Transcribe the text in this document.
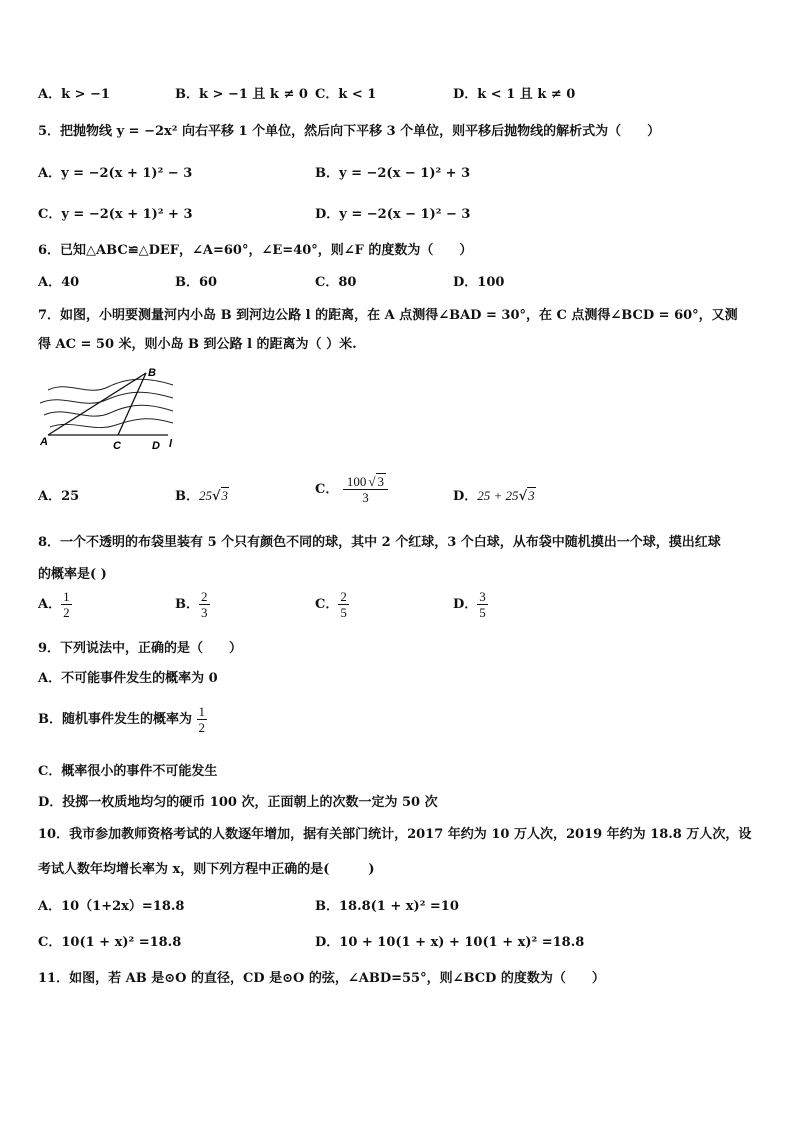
A．k > −1	B．k > −1 且 k ≠ 0 C．k < 1	D．k < 1 且 k ≠ 0
5．把抛物线 y = −2x² 向右平移 1 个单位，然后向下平移 3 个单位，则平移后抛物线的解析式为（　　）
A．y = −2(x + 1)² − 3	B．y = −2(x − 1)² + 3
C．y = −2(x + 1)² + 3	D．y = −2(x − 1)² − 3
6．已知△ABC≌△DEF，∠A=60°，∠E=40°，则∠F 的度数为（　　）
A．40	B．60	C．80	D．100
7．如图，小明要测量河内小岛 B 到河边公路 l 的距离，在 A 点测得∠BAD = 30°，在 C 点测得∠BCD = 60°，又测
得 AC = 50 米，则小岛 B 到公路 l 的距离为（ ）米.
A
B
C	D l
A．25	B．25√3	C． $\frac{100 √ 3}{3}$	D．25 + 25√3
8．一个不透明的布袋里装有 5 个只有颜色不同的球，其中 2 个红球，3 个白球，从布袋中随机摸出一个球，摸出红球
的概率是( )
A． $\frac{1}{2}$	B． $\frac{2}{3}$	C． $\frac{2}{5}$	D． $\frac{3}{5}$
9．下列说法中，正确的是（　　）
A．不可能事件发生的概率为 0
B．随机事件发生的概率为 $\frac{1}{2}$
C．概率很小的事件不可能发生
D．投掷一枚质地均匀的硬币 100 次，正面朝上的次数一定为 50 次
10．我市参加教师资格考试的人数逐年增加，据有关部门统计，2017 年约为 10 万人次，2019 年约为 18.8 万人次，设
考试人数年均增长率为 x，则下列方程中正确的是(　　　)
A．10（1+2x）=18.8	B．18.8(1 + x)² =10
C．10(1 + x)² =18.8	D．10 + 10(1 + x) + 10(1 + x)² =18.8
11．如图，若 AB 是⊙O 的直径，CD 是⊙O 的弦，∠ABD=55°，则∠BCD 的度数为（　　）
